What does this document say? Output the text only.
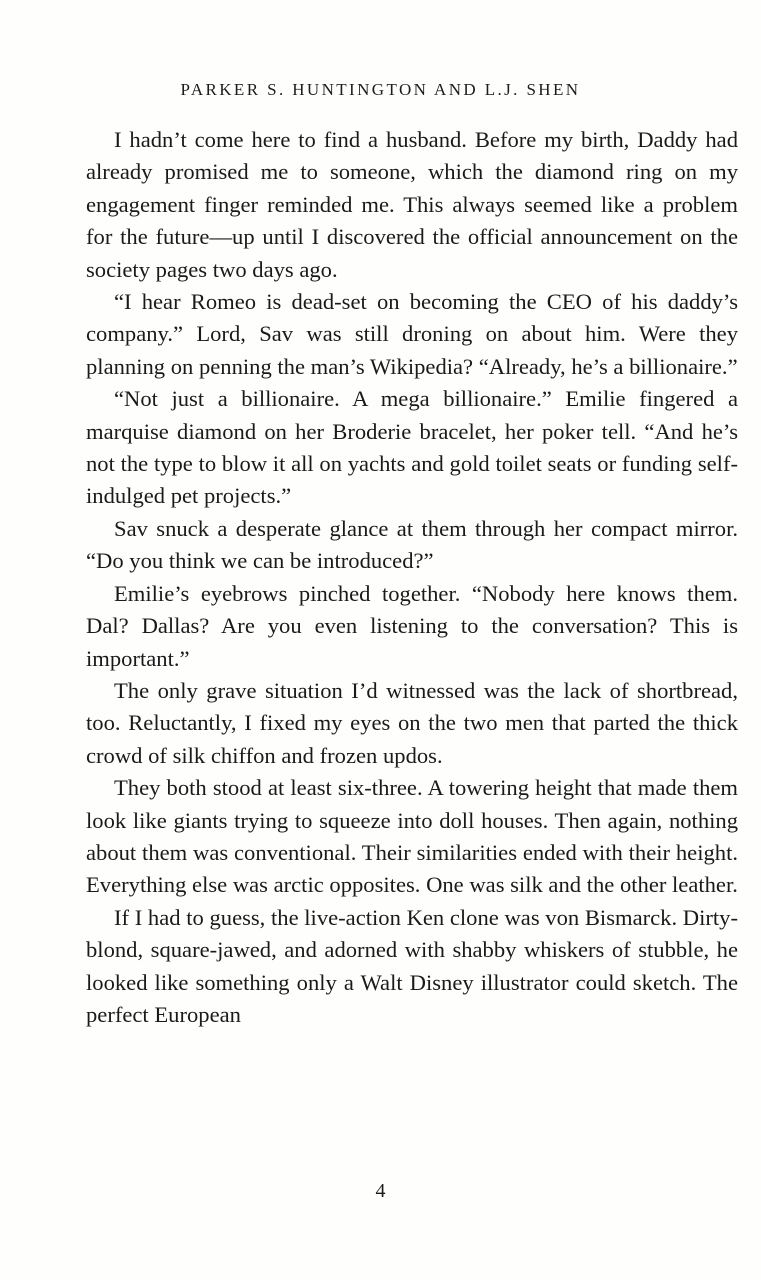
PARKER S. HUNTINGTON AND L.J. SHEN

I hadn’t come here to find a husband. Before my birth, Daddy had already promised me to someone, which the diamond ring on my engagement finger reminded me. This always seemed like a problem for the future—up until I discovered the official announcement on the society pages two days ago.

“I hear Romeo is dead-set on becoming the CEO of his daddy’s company.” Lord, Sav was still droning on about him. Were they planning on penning the man’s Wikipedia? “Already, he’s a billionaire.”

“Not just a billionaire. A mega billionaire.” Emilie fingered a marquise diamond on her Broderie bracelet, her poker tell. “And he’s not the type to blow it all on yachts and gold toilet seats or funding self-indulged pet projects.”

Sav snuck a desperate glance at them through her compact mirror. “Do you think we can be introduced?”

Emilie’s eyebrows pinched together. “Nobody here knows them. Dal? Dallas? Are you even listening to the conversation? This is important.”

The only grave situation I’d witnessed was the lack of shortbread, too. Reluctantly, I fixed my eyes on the two men that parted the thick crowd of silk chiffon and frozen updos.

They both stood at least six-three. A towering height that made them look like giants trying to squeeze into doll houses. Then again, nothing about them was conventional. Their similarities ended with their height. Everything else was arctic opposites. One was silk and the other leather.

If I had to guess, the live-action Ken clone was von Bismarck. Dirty-blond, square-jawed, and adorned with shabby whiskers of stubble, he looked like something only a Walt Disney illustrator could sketch. The perfect European

4
